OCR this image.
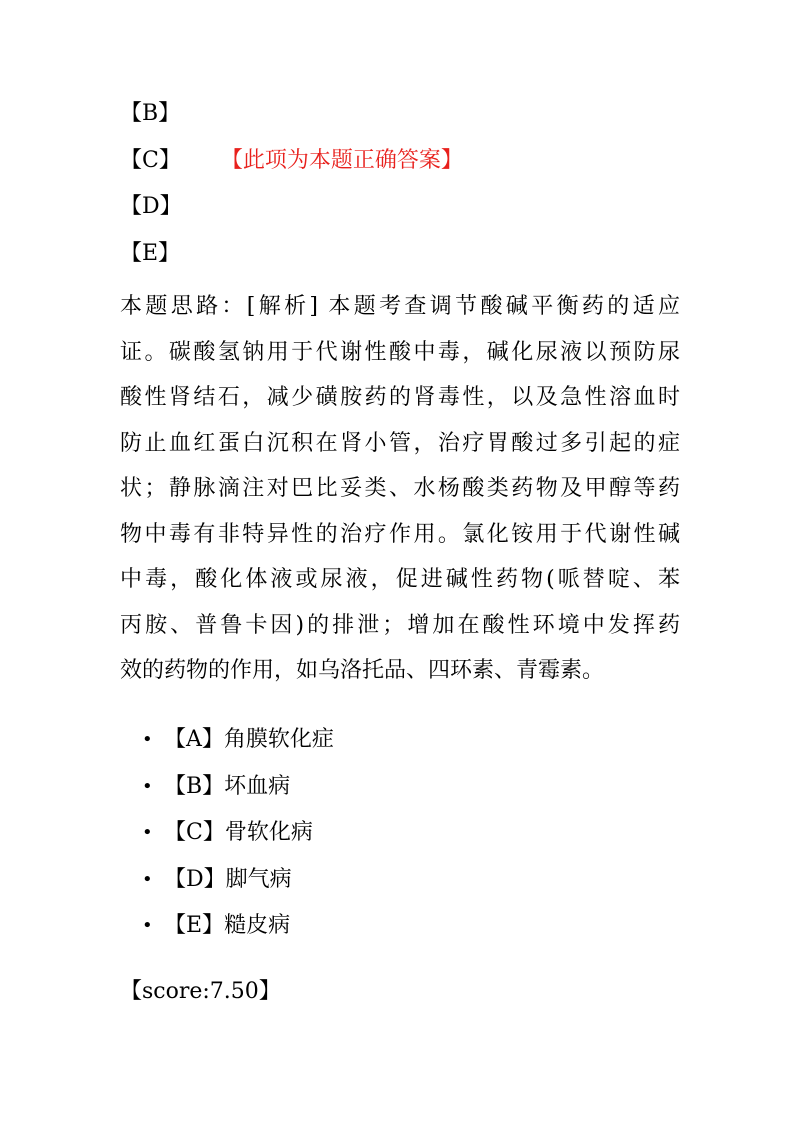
【B】
【C】 【此项为本题正确答案】
【D】
【E】
本题思路：[解析] 本题考查调节酸碱平衡药的适应
证。碳酸氢钠用于代谢性酸中毒，碱化尿液以预防尿
酸性肾结石，减少磺胺药的肾毒性，以及急性溶血时
防止血红蛋白沉积在肾小管，治疗胃酸过多引起的症
状；静脉滴注对巴比妥类、水杨酸类药物及甲醇等药
物中毒有非特异性的治疗作用。氯化铵用于代谢性碱
中毒，酸化体液或尿液，促进碱性药物(哌替啶、苯
丙胺、普鲁卡因)的排泄；增加在酸性环境中发挥药
效的药物的作用，如乌洛托品、四环素、青霉素。
• 【A】角膜软化症
• 【B】坏血病
• 【C】骨软化病
• 【D】脚气病
• 【E】糙皮病
【score:7.50】
